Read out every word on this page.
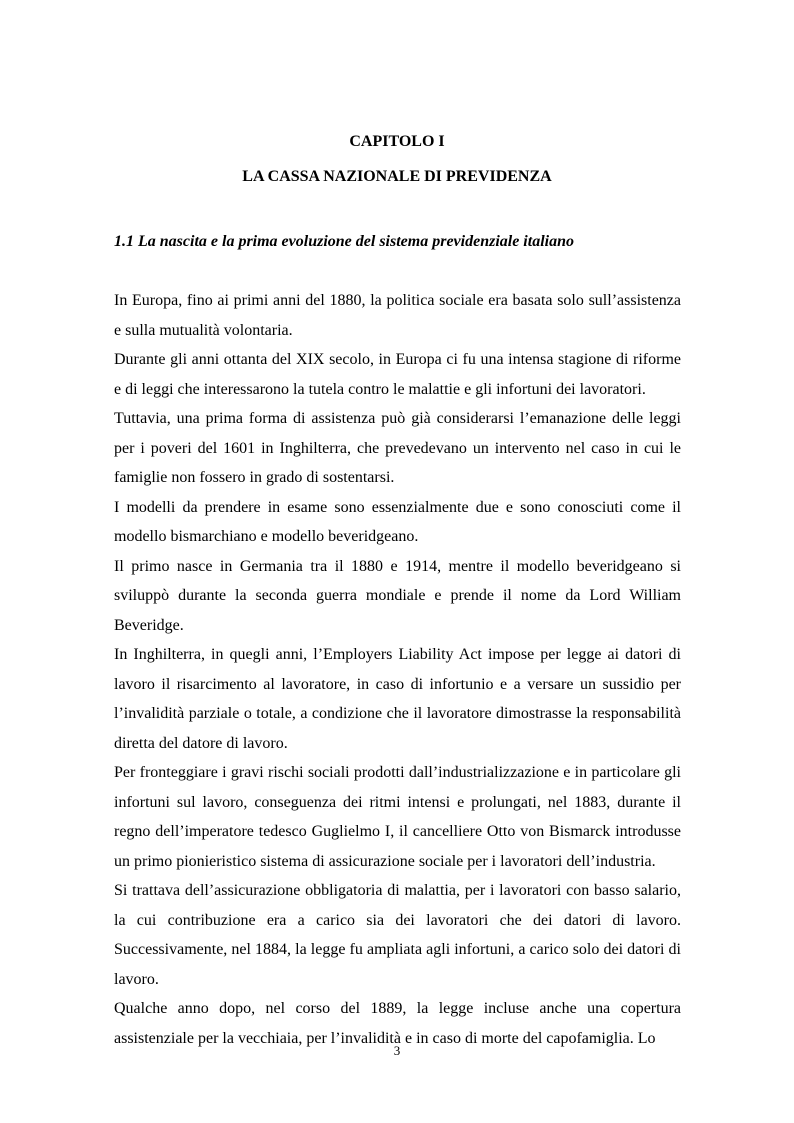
CAPITOLO I
LA CASSA NAZIONALE DI PREVIDENZA
1.1 La nascita e la prima evoluzione del sistema previdenziale italiano

In Europa, fino ai primi anni del 1880, la politica sociale era basata solo sull’assistenza e sulla mutualità volontaria.

Durante gli anni ottanta del XIX secolo, in Europa ci fu una intensa stagione di riforme e di leggi che interessarono la tutela contro le malattie e gli infortuni dei lavoratori.

Tuttavia, una prima forma di assistenza può già considerarsi l’emanazione delle leggi per i poveri del 1601 in Inghilterra, che prevedevano un intervento nel caso in cui le famiglie non fossero in grado di sostentarsi.

I modelli da prendere in esame sono essenzialmente due e sono conosciuti come il modello bismarchiano e modello beveridgeano.

Il primo nasce in Germania tra il 1880 e 1914, mentre il modello beveridgeano si sviluppò durante la seconda guerra mondiale e prende il nome da Lord William Beveridge.

In Inghilterra, in quegli anni, l’Employers Liability Act impose per legge ai datori di lavoro il risarcimento al lavoratore, in caso di infortunio e a versare un sussidio per l’invalidità parziale o totale, a condizione che il lavoratore dimostrasse la responsabilità diretta del datore di lavoro.

Per fronteggiare i gravi rischi sociali prodotti dall’industrializzazione e in particolare gli infortuni sul lavoro, conseguenza dei ritmi intensi e prolungati, nel 1883, durante il regno dell’imperatore tedesco Guglielmo I, il cancelliere Otto von Bismarck introdusse un primo pionieristico sistema di assicurazione sociale per i lavoratori dell’industria.

Si trattava dell’assicurazione obbligatoria di malattia, per i lavoratori con basso salario, la cui contribuzione era a carico sia dei lavoratori che dei datori di lavoro. Successivamente, nel 1884, la legge fu ampliata agli infortuni, a carico solo dei datori di lavoro.

Qualche anno dopo, nel corso del 1889, la legge incluse anche una copertura assistenziale per la vecchiaia, per l’invalidità e in caso di morte del capofamiglia. Lo

3
